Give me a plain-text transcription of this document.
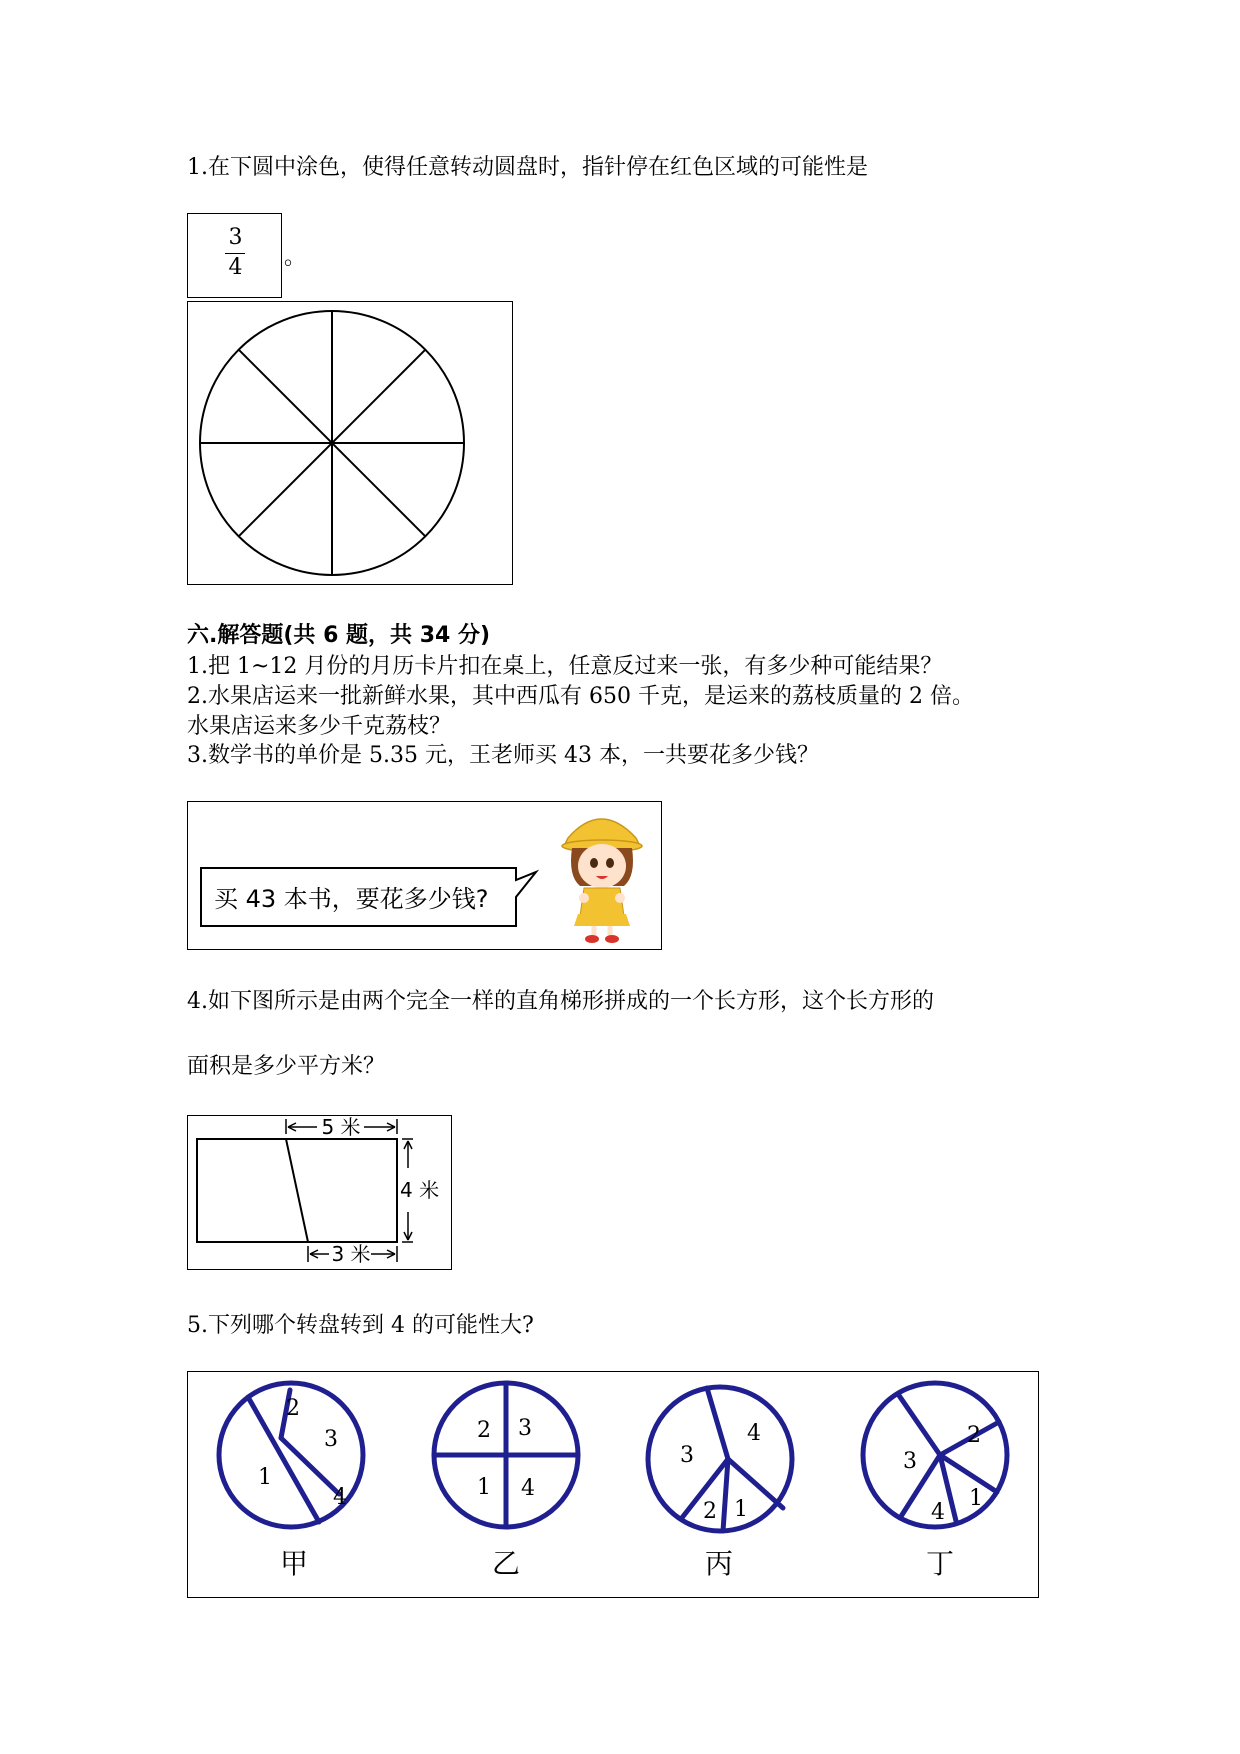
1.在下圆中涂色，使得任意转动圆盘时，指针停在红色区域的可能性是
3
4	。
六.解答题(共 6 题，共 34 分)
1.把 1~12 月份的月历卡片扣在桌上，任意反过来一张，有多少种可能结果？
2.水果店运来一批新鲜水果，其中西瓜有 650 千克，是运来的荔枝质量的 2 倍。
水果店运来多少千克荔枝？
3.数学书的单价是 5.35 元，王老师买 43 本，一共要花多少钱？
买 43 本书，要花多少钱?
4.如下图所示是由两个完全一样的直角梯形拼成的一个长方形，这个长方形的
面积是多少平方米？
5 米
4 米
3 米
5.下列哪个转盘转到 4 的可能性大?
2
3
1
4
2 3
1 4
3
4
2 1
3
2
4
1
甲	乙	丙	丁
